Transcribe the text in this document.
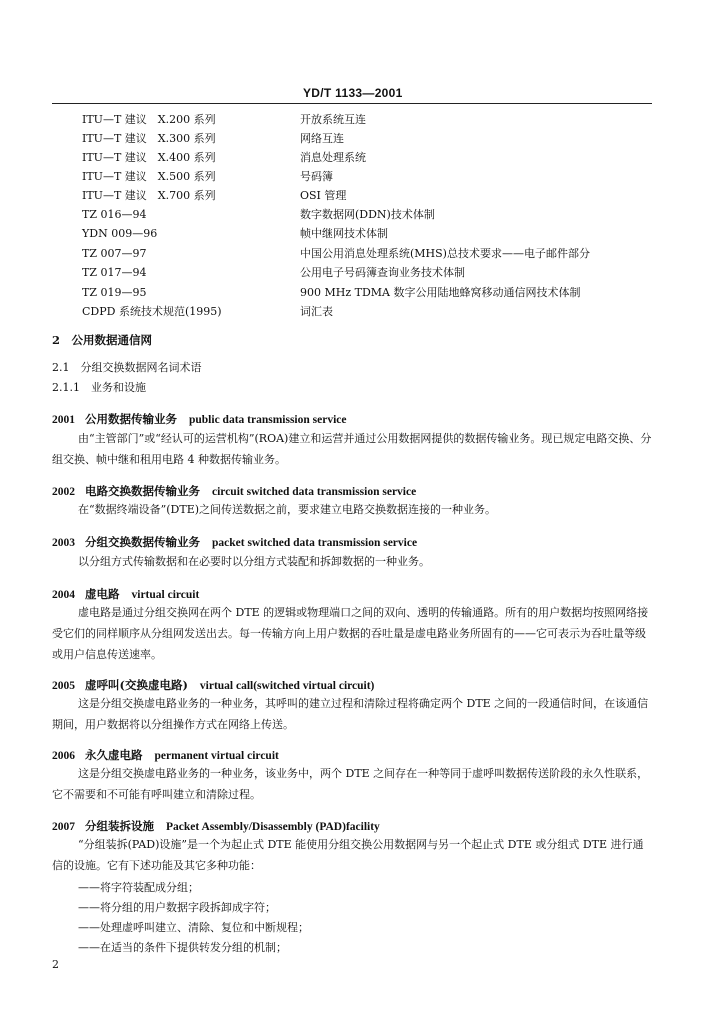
YD/T 1133—2001
ITU—T 建议　X.200 系列	开放系统互连
ITU—T 建议　X.300 系列	网络互连
ITU—T 建议　X.400 系列	消息处理系统
ITU—T 建议　X.500 系列	号码簿
ITU—T 建议　X.700 系列	OSI 管理
TZ 016—94	数字数据网(DDN)技术体制
YDN 009—96	帧中继网技术体制
TZ 007—97	中国公用消息处理系统(MHS)总技术要求——电子邮件部分
TZ 017—94	公用电子号码簿查询业务技术体制
TZ 019—95	900 MHz TDMA 数字公用陆地蜂窝移动通信网技术体制
CDPD 系统技术规范(1995)	词汇表
2　公用数据通信网
2.1　分组交换数据网名词术语
2.1.1　业务和设施
2001 公用数据传输业务 public data transmission service
由“主管部门”或“经认可的运营机构”(ROA)建立和运营并通过公用数据网提供的数据传输业务。现已规定电路交换、分组交换、帧中继和租用电路 4 种数据传输业务。
2002 电路交换数据传输业务 circuit switched data transmission service
在“数据终端设备”(DTE)之间传送数据之前，要求建立电路交换数据连接的一种业务。
2003 分组交换数据传输业务 packet switched data transmission service
以分组方式传输数据和在必要时以分组方式装配和拆卸数据的一种业务。
2004 虚电路 virtual circuit
虚电路是通过分组交换网在两个 DTE 的逻辑或物理端口之间的双向、透明的传输通路。所有的用户数据均按照网络接受它们的同样顺序从分组网发送出去。每一传输方向上用户数据的吞吐量是虚电路业务所固有的——它可表示为吞吐量等级或用户信息传送速率。
2005 虚呼叫(交换虚电路) virtual call(switched virtual circuit)
这是分组交换虚电路业务的一种业务，其呼叫的建立过程和清除过程将确定两个 DTE 之间的一段通信时间，在该通信期间，用户数据将以分组操作方式在网络上传送。
2006 永久虚电路 permanent virtual circuit
这是分组交换虚电路业务的一种业务，该业务中，两个 DTE 之间存在一种等同于虚呼叫数据传送阶段的永久性联系，它不需要和不可能有呼叫建立和清除过程。
2007 分组装拆设施 Packet Assembly/Disassembly (PAD)facility
“分组装拆(PAD)设施”是一个为起止式 DTE 能使用分组交换公用数据网与另一个起止式 DTE 或分组式 DTE 进行通信的设施。它有下述功能及其它多种功能：
——将字符装配成分组；
——将分组的用户数据字段拆卸成字符；
——处理虚呼叫建立、清除、复位和中断规程；
——在适当的条件下提供转发分组的机制；
2
